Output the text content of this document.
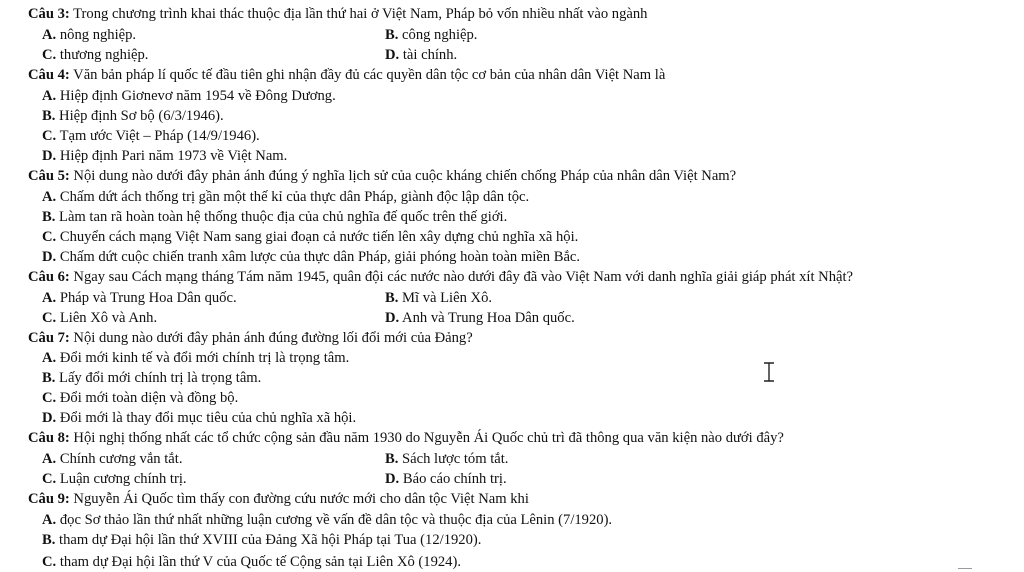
Câu 3: Trong chương trình khai thác thuộc địa lần thứ hai ở Việt Nam, Pháp bỏ vốn nhiều nhất vào ngành
A. nông nghiệp.	B. công nghiệp.
C. thương nghiệp.	D. tài chính.
Câu 4: Văn bản pháp lí quốc tế đầu tiên ghi nhận đầy đủ các quyền dân tộc cơ bản của nhân dân Việt Nam là
A. Hiệp định Giơnevơ năm 1954 về Đông Dương.
B. Hiệp định Sơ bộ (6/3/1946).
C. Tạm ước Việt – Pháp (14/9/1946).
D. Hiệp định Pari năm 1973 về Việt Nam.
Câu 5: Nội dung nào dưới đây phản ánh đúng ý nghĩa lịch sử của cuộc kháng chiến chống Pháp của nhân dân Việt Nam?
A. Chấm dứt ách thống trị gần một thế kỉ của thực dân Pháp, giành độc lập dân tộc.
B. Làm tan rã hoàn toàn hệ thống thuộc địa của chủ nghĩa đế quốc trên thế giới.
C. Chuyển cách mạng Việt Nam sang giai đoạn cả nước tiến lên xây dựng chủ nghĩa xã hội.
D. Chấm dứt cuộc chiến tranh xâm lược của thực dân Pháp, giải phóng hoàn toàn miền Bắc.
Câu 6: Ngay sau Cách mạng tháng Tám năm 1945, quân đội các nước nào dưới đây đã vào Việt Nam với danh nghĩa giải giáp phát xít Nhật?
A. Pháp và Trung Hoa Dân quốc.	B. Mĩ và Liên Xô.
C. Liên Xô và Anh.	D. Anh và Trung Hoa Dân quốc.
Câu 7: Nội dung nào dưới đây phản ánh đúng đường lối đổi mới của Đảng?
A. Đổi mới kinh tế và đổi mới chính trị là trọng tâm.
B. Lấy đổi mới chính trị là trọng tâm.
C. Đổi mới toàn diện và đồng bộ.
D. Đổi mới là thay đổi mục tiêu của chủ nghĩa xã hội.
Câu 8: Hội nghị thống nhất các tổ chức cộng sản đầu năm 1930 do Nguyễn Ái Quốc chủ trì đã thông qua văn kiện nào dưới đây?
A. Chính cương vắn tắt.	B. Sách lược tóm tắt.
C. Luận cương chính trị.	D. Báo cáo chính trị.
Câu 9: Nguyễn Ái Quốc tìm thấy con đường cứu nước mới cho dân tộc Việt Nam khi
A. đọc Sơ thảo lần thứ nhất những luận cương về vấn đề dân tộc và thuộc địa của Lênin (7/1920).
B. tham dự Đại hội lần thứ XVIII của Đảng Xã hội Pháp tại Tua (12/1920).
C. tham dự Đại hội lần thứ V của Quốc tế Cộng sản tại Liên Xô (1924).
